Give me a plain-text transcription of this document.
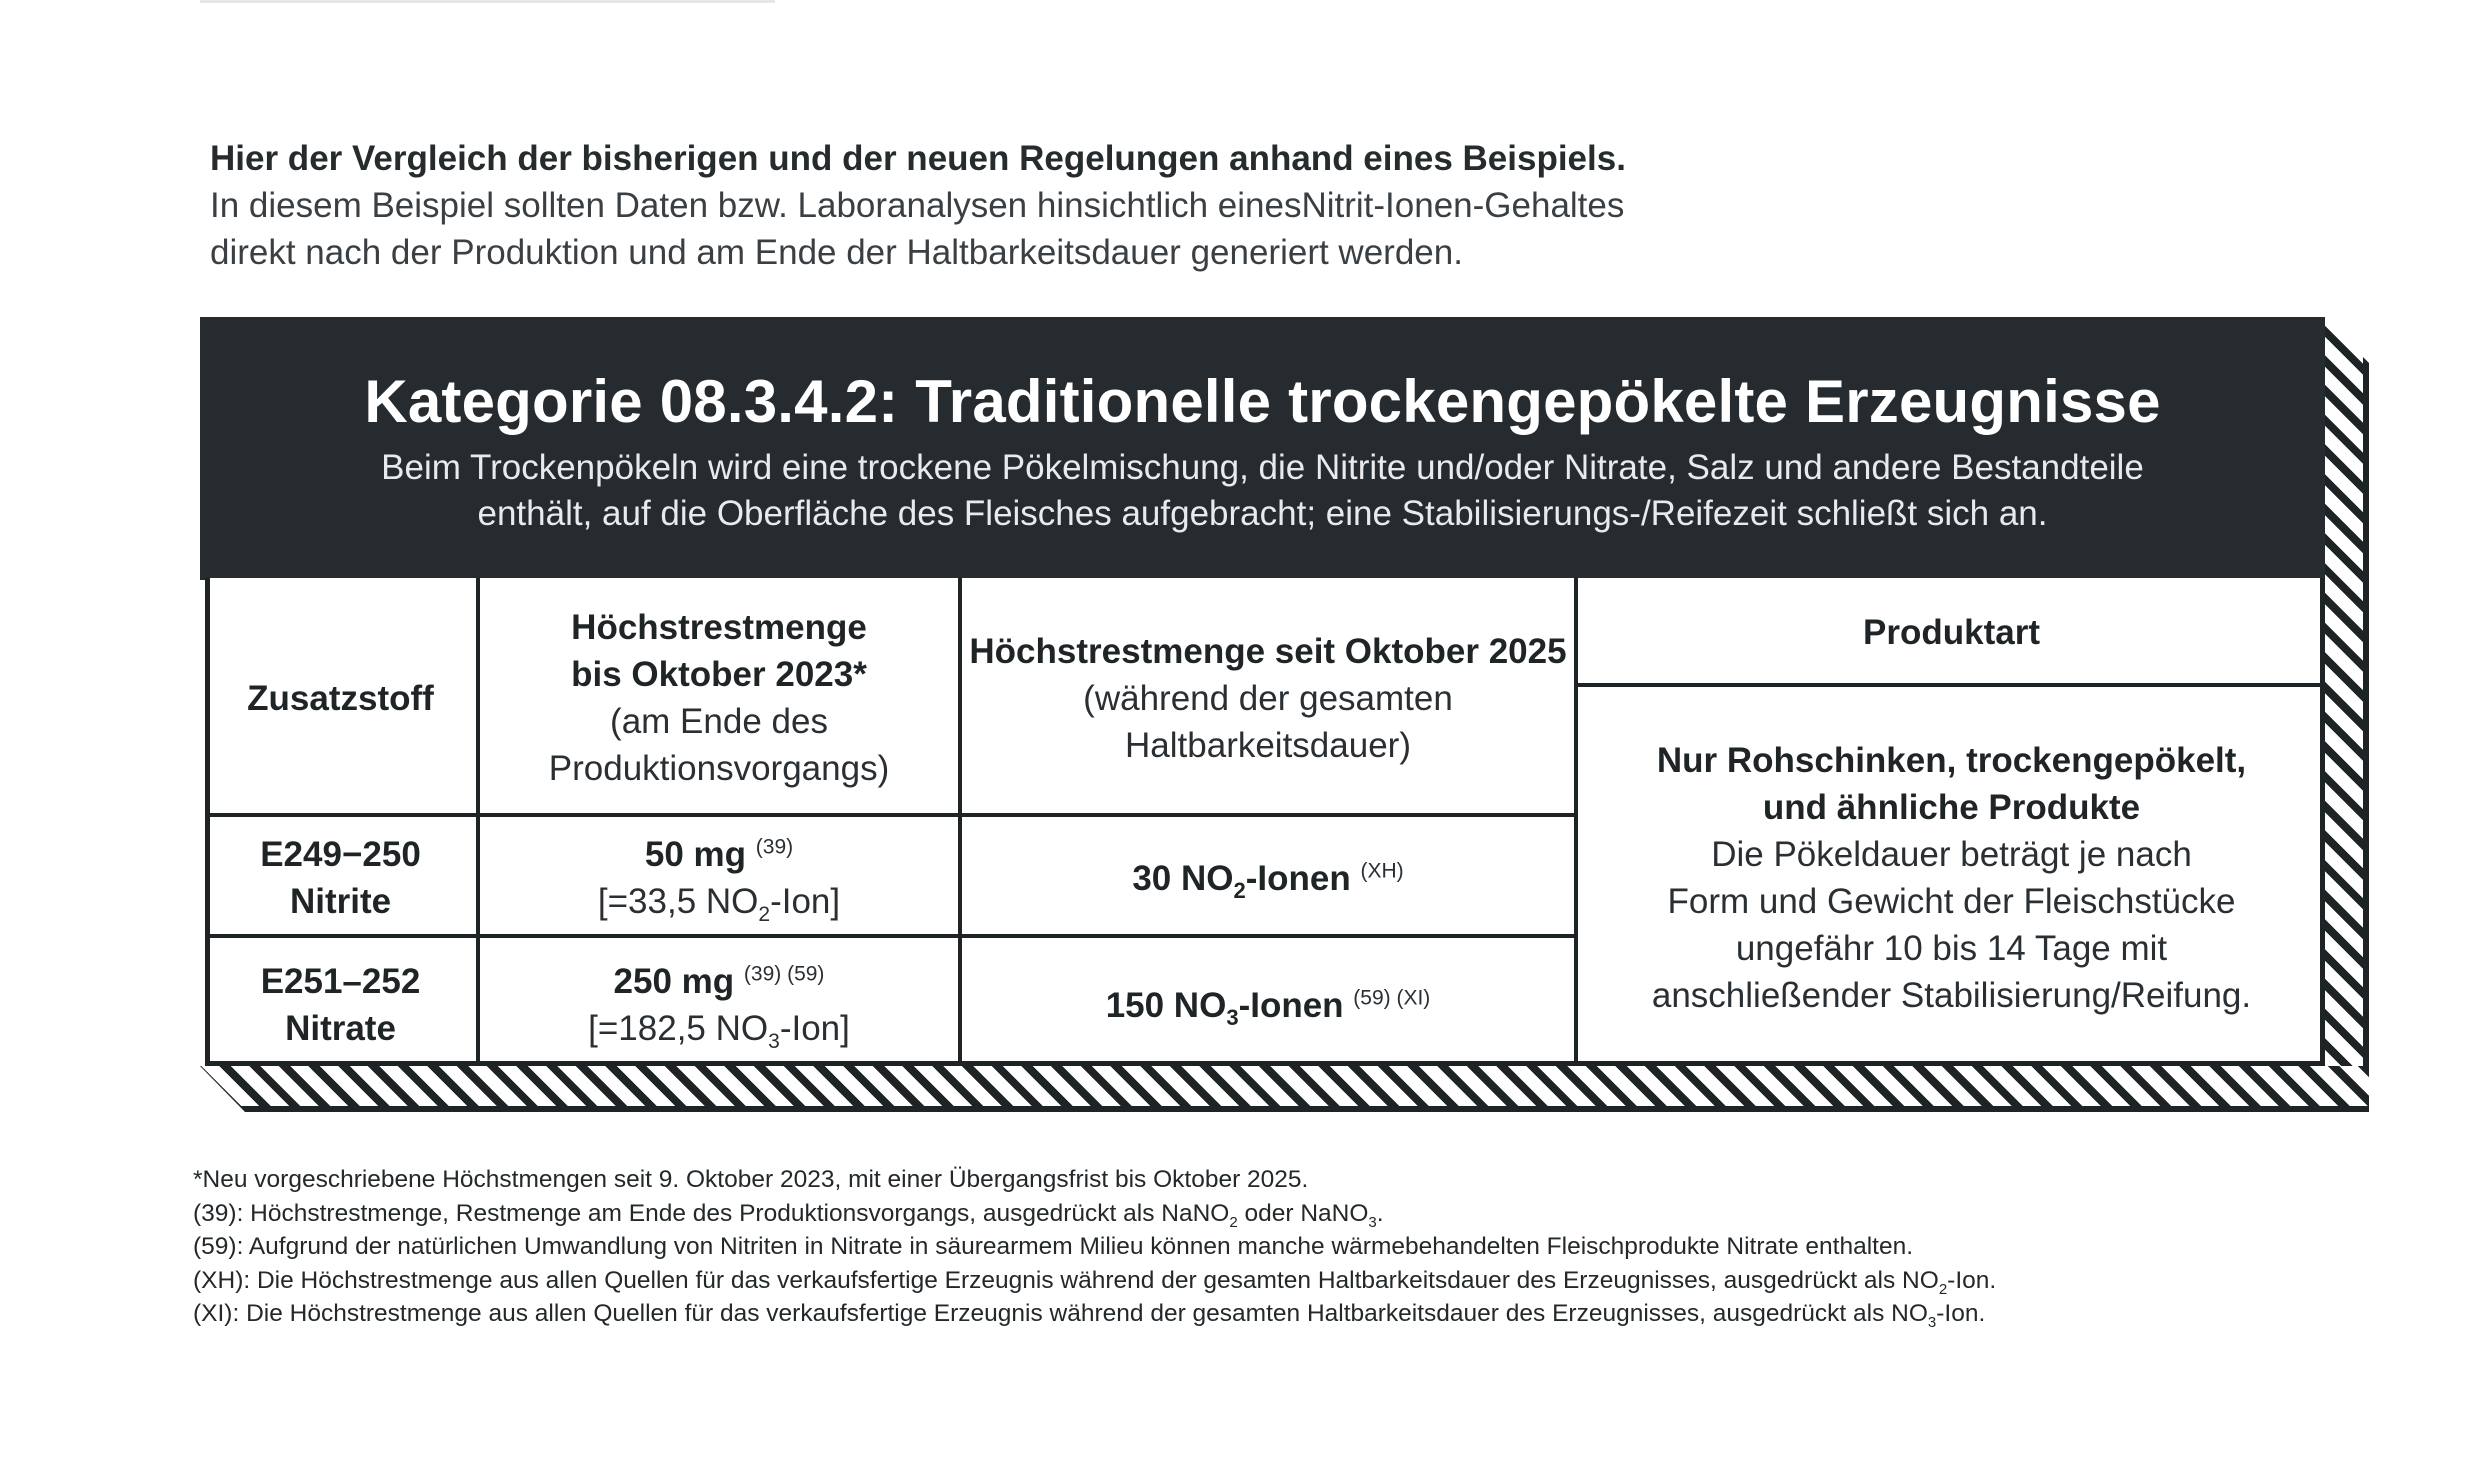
Hier der Vergleich der bisherigen und der neuen Regelungen anhand eines Beispiels.
In diesem Beispiel sollten Daten bzw. Laboranalysen hinsichtlich einesNitrit-Ionen-Gehaltes
direkt nach der Produktion und am Ende der Haltbarkeitsdauer generiert werden.
Kategorie 08.3.4.2: Traditionelle trockengepökelte Erzeugnisse

Beim Trockenpökeln wird eine trockene Pökelmischung, die Nitrite und/oder Nitrate, Salz und andere Bestandteile
enthält, auf die Oberfläche des Fleisches aufgebracht; eine Stabilisierungs-/Reifezeit schließt sich an.

Zusatzstoff
Höchstrestmenge
bis Oktober 2023*
(am Ende des
Produktionsvorgangs)
Höchstrestmenge seit Oktober 2025
(während der gesamten
Haltbarkeitsdauer)
Produktart
E249−250
Nitrite
50 mg $^{(39)}$
[=33,5 $NO_2-Ion$]
30 $NO_2$-Ionen $^{(XH)}$
E251–252
Nitrate
250 mg $^{(39) (59)}$
[=182,5 $NO_3-Ion$]
150 $NO_3$-Ionen $^{(59) (XI)}$
Nur Rohschinken, trockengepökelt,
und ähnliche Produkte
Die Pökeldauer beträgt je nach
Form und Gewicht der Fleischstücke
ungefähr 10 bis 14 Tage mit
anschließender Stabilisierung/Reifung.
*Neu vorgeschriebene Höchstmengen seit 9. Oktober 2023, mit einer Übergangsfrist bis Oktober 2025.
(39): Höchstrestmenge, Restmenge am Ende des Produktionsvorgangs, ausgedrückt als NaNO$_2$ oder NaNO$_3$.
(59): Aufgrund der natürlichen Umwandlung von Nitriten in Nitrate in säurearmem Milieu können manche wärmebehandelten Fleischprodukte Nitrate enthalten.
(XH): Die Höchstrestmenge aus allen Quellen für das verkaufsfertige Erzeugnis während der gesamten Haltbarkeitsdauer des Erzeugnisses, ausgedrückt als $NO_2$-Ion.
(XI): Die Höchstrestmenge aus allen Quellen für das verkaufsfertige Erzeugnis während der gesamten Haltbarkeitsdauer des Erzeugnisses, ausgedrückt als $NO_3$-Ion.
